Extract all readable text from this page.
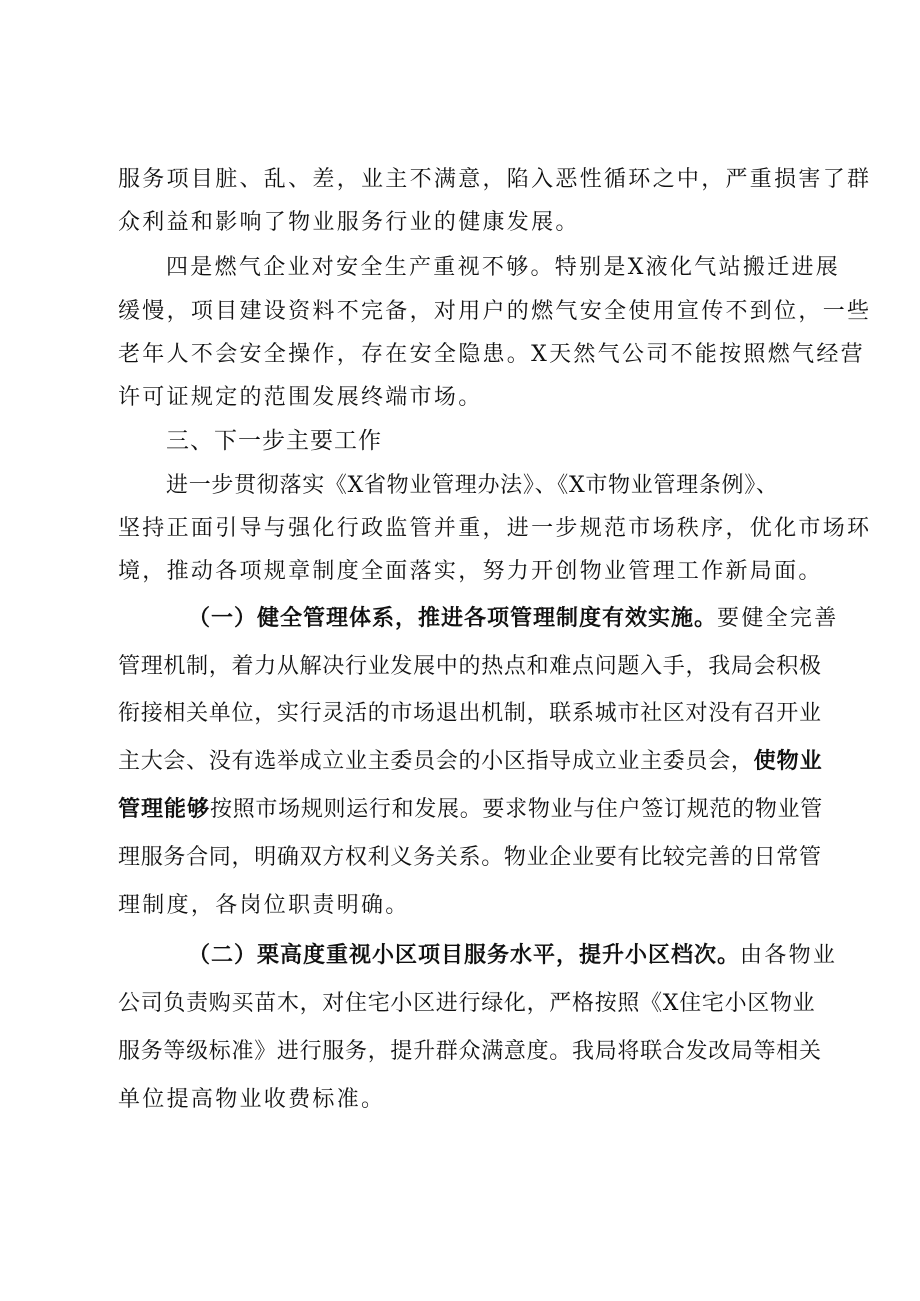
服务项目脏、乱、差，业主不满意，陷入恶性循环之中，严重损害了群
众利益和影响了物业服务行业的健康发展。
四是燃气企业对安全生产重视不够。特别是X液化气站搬迁进展
缓慢，项目建设资料不完备，对用户的燃气安全使用宣传不到位，一些
老年人不会安全操作，存在安全隐患。X天然气公司不能按照燃气经营
许可证规定的范围发展终端市场。
三、下一步主要工作
进一步贯彻落实《X省物业管理办法》、《X市物业管理条例》、
坚持正面引导与强化行政监管并重，进一步规范市场秩序，优化市场环
境，推动各项规章制度全面落实，努力开创物业管理工作新局面。
（一）健全管理体系，推进各项管理制度有效实施。要健全完善
管理机制，着力从解决行业发展中的热点和难点问题入手，我局会积极
衔接相关单位，实行灵活的市场退出机制，联系城市社区对没有召开业
主大会、没有选举成立业主委员会的小区指导成立业主委员会，使物业
管理能够按照市场规则运行和发展。要求物业与住户签订规范的物业管
理服务合同，明确双方权利义务关系。物业企业要有比较完善的日常管
理制度，各岗位职责明确。
（二）栗高度重视小区项目服务水平，提升小区档次。由各物业
公司负责购买苗木，对住宅小区进行绿化，严格按照《X住宅小区物业
服务等级标准》进行服务，提升群众满意度。我局将联合发改局等相关
单位提高物业收费标准。
